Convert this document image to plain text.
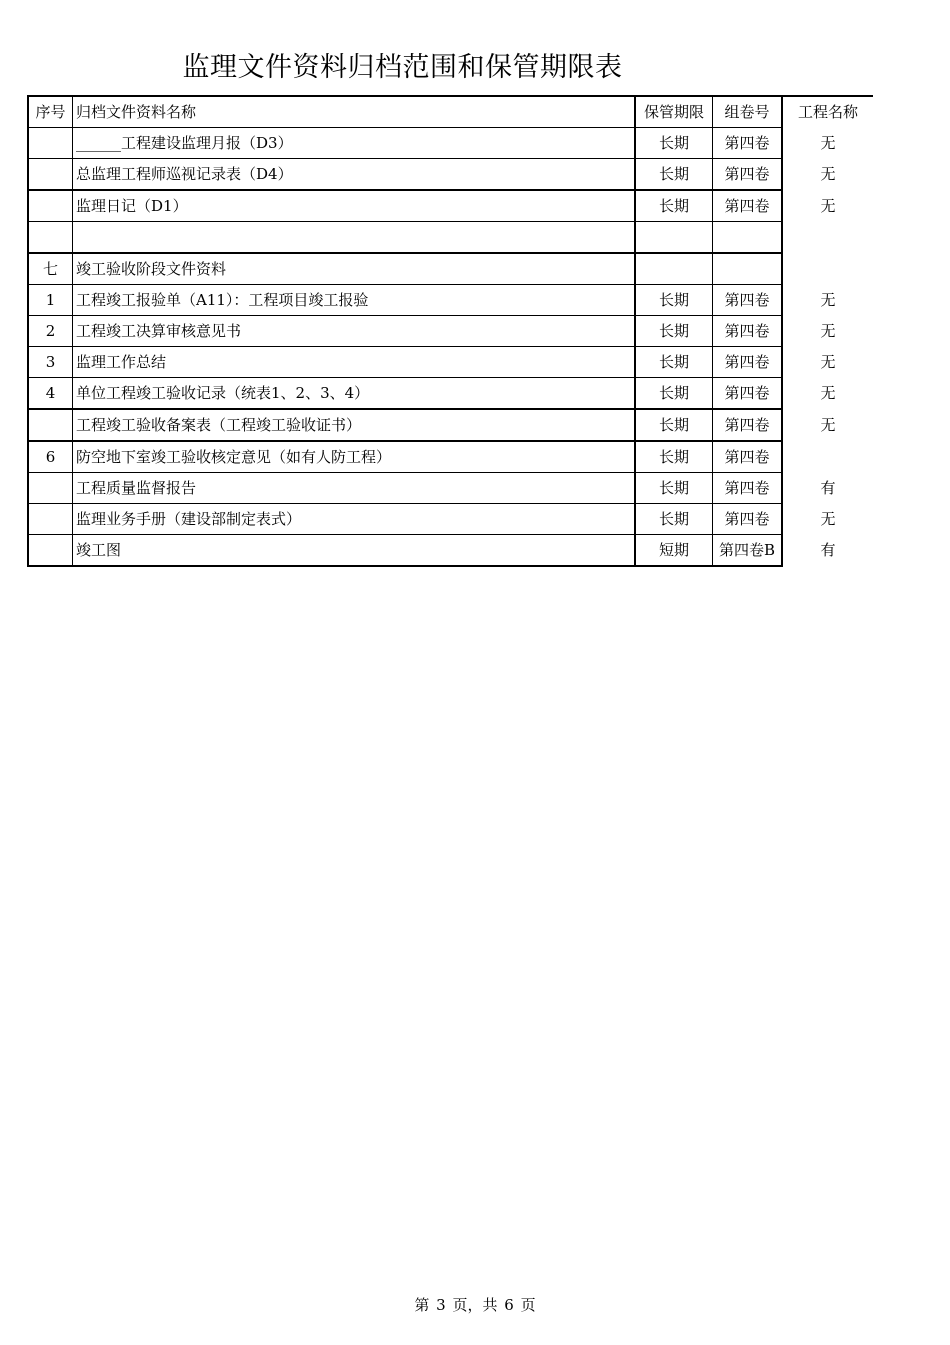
监理文件资料归档范围和保管期限表
序号	归档文件资料名称	保管期限	组卷号	工程名称
	______工程建设监理月报（D3）	长期	第四卷	无
	总监理工程师巡视记录表（D4）	长期	第四卷	无
	监理日记（D1）	长期	第四卷	无

七	竣工验收阶段文件资料			
1	工程竣工报验单（A11）：工程项目竣工报验	长期	第四卷	无
2	工程竣工决算审核意见书	长期	第四卷	无
3	监理工作总结	长期	第四卷	无
4	单位工程竣工验收记录（统表1、2、3、4）	长期	第四卷	无
	工程竣工验收备案表（工程竣工验收证书）	长期	第四卷	无
6	防空地下室竣工验收核定意见（如有人防工程）	长期	第四卷	
	工程质量监督报告	长期	第四卷	有
	监理业务手册（建设部制定表式）	长期	第四卷	无
	竣工图	短期	第四卷B	有
第 3 页，共 6 页
